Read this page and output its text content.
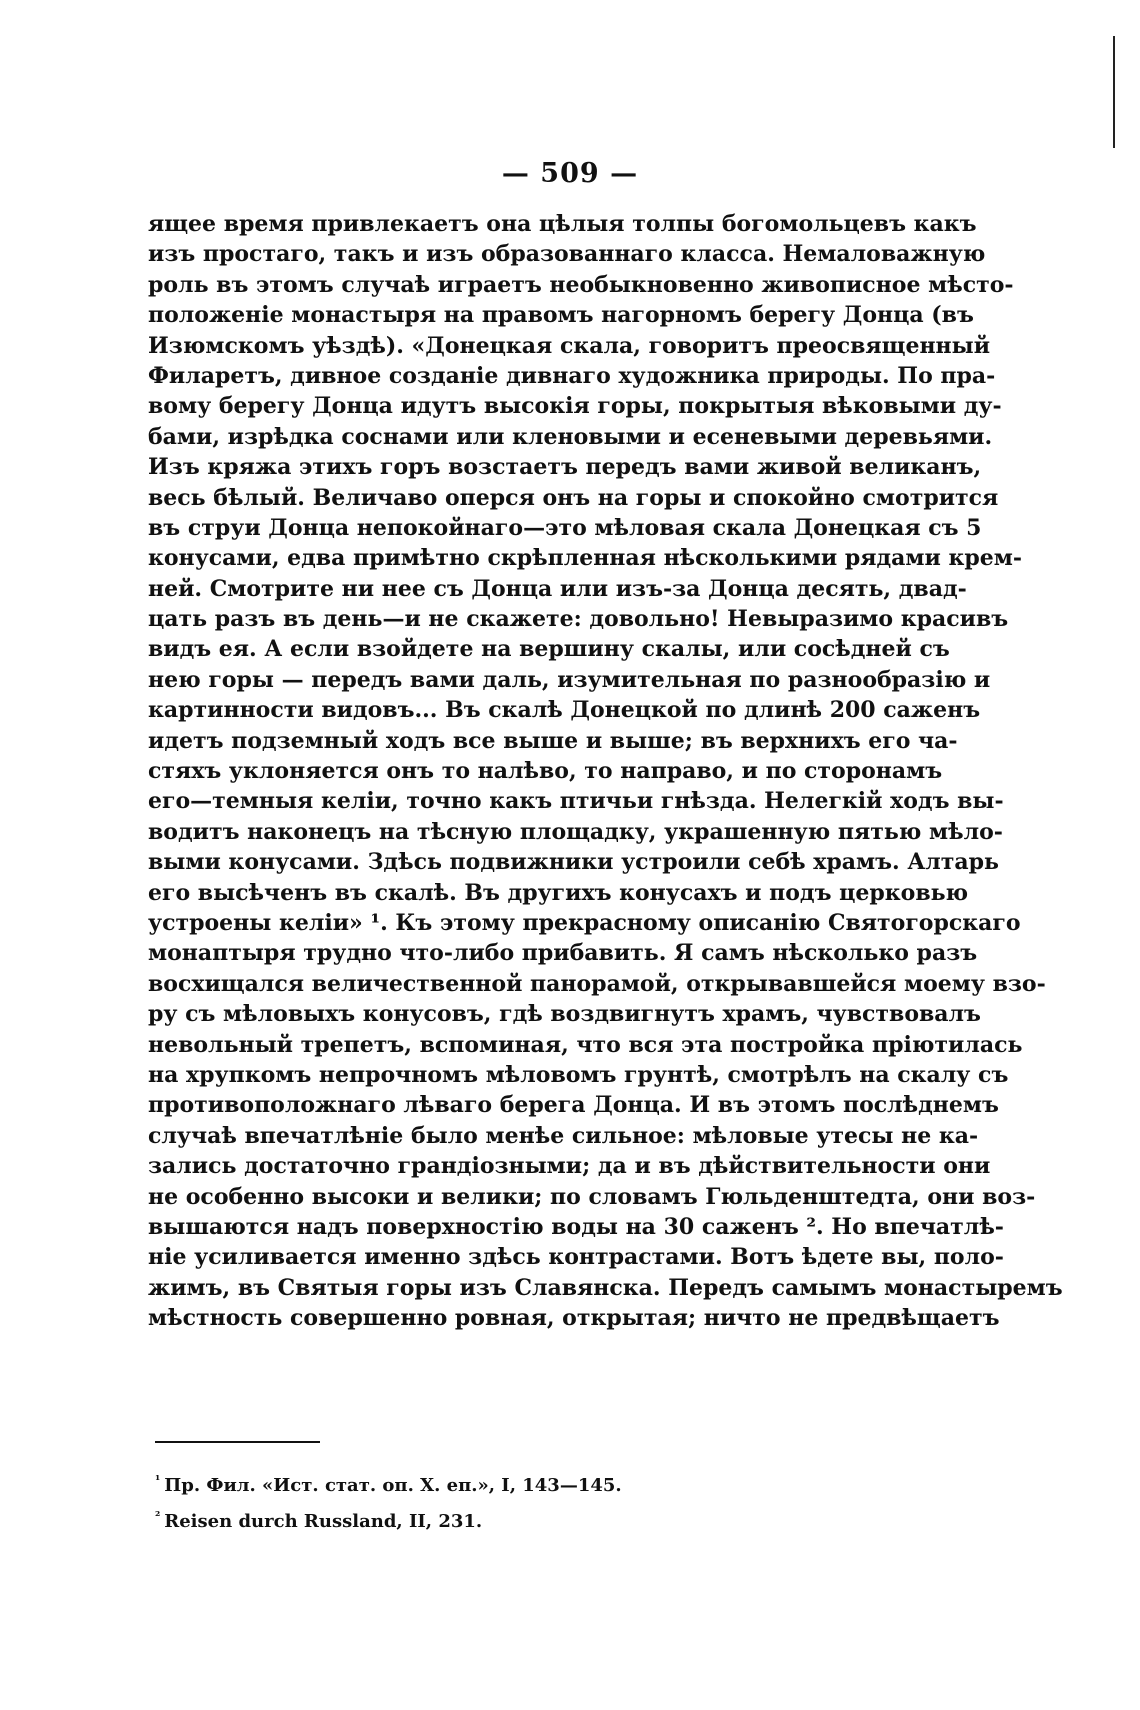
— 509 —
ящее время привлекаетъ она цѣлыя толпы богомольцевъ какъ
изъ простаго, такъ и изъ образованнаго класса. Немаловажную
роль въ этомъ случаѣ играетъ необыкновенно живописное мѣсто-
положеніе монастыря на правомъ нагорномъ берегу Донца (въ
Изюмскомъ уѣздѣ). «Донецкая скала, говоритъ преосвященный
Филаретъ, дивное созданіе дивнаго художника природы. По пра-
вому берегу Донца идутъ высокія горы, покрытыя вѣковыми ду-
бами, изрѣдка соснами или кленовыми и есеневыми деревьями.
Изъ кряжа этихъ горъ возстаетъ передъ вами живой великанъ,
весь бѣлый. Величаво оперся онъ на горы и спокойно смотрится
въ струи Донца непокойнаго—это мѣловая скала Донецкая съ 5
конусами, едва примѣтно скрѣпленная нѣсколькими рядами крем-
ней. Смотрите ни нее съ Донца или изъ-за Донца десять, двад-
цать разъ въ день—и не скажете: довольно! Невыразимо красивъ
видъ ея. А если взойдете на вершину скалы, или сосѣдней съ
нею горы — передъ вами даль, изумительная по разнообразію и
картинности видовъ... Въ скалѣ Донецкой по длинѣ 200 саженъ
идетъ подземный ходъ все выше и выше; въ верхнихъ его ча-
стяхъ уклоняется онъ то налѣво, то направо, и по сторонамъ
его—темныя келіи, точно какъ птичьи гнѣзда. Нелегкій ходъ вы-
водитъ наконецъ на тѣсную площадку, украшенную пятью мѣло-
выми конусами. Здѣсь подвижники устроили себѣ храмъ. Алтарь
его высѣченъ въ скалѣ. Въ другихъ конусахъ и подъ церковью
устроены келіи» ¹. Къ этому прекрасному описанію Святогорскаго
монаптыря трудно что-либо прибавить. Я самъ нѣсколько разъ
восхищался величественной панорамой, открывавшейся моему взо-
ру съ мѣловыхъ конусовъ, гдѣ воздвигнутъ храмъ, чувствовалъ
невольный трепетъ, вспоминая, что вся эта постройка пріютилась
на хрупкомъ непрочномъ мѣловомъ грунтѣ, смотрѣлъ на скалу съ
противоположнаго лѣваго берега Донца. И въ этомъ послѣднемъ
случаѣ впечатлѣніе было менѣе сильное: мѣловые утесы не ка-
зались достаточно грандіозными; да и въ дѣйствительности они
не особенно высоки и велики; по словамъ Гюльденштедта, они воз-
вышаются надъ поверхностію воды на 30 саженъ ². Но впечатлѣ-
ніе усиливается именно здѣсь контрастами. Вотъ ѣдете вы, поло-
жимъ, въ Святыя горы изъ Славянска. Передъ самымъ монастыремъ
мѣстность совершенно ровная, открытая; ничто не предвѣщаетъ
$^{^1}$ Пр. Фил. «Ист. стат. оп. Х. еп.», I, 143—145.
$^{^2}$ Reisen durch Russland, II, 231.
